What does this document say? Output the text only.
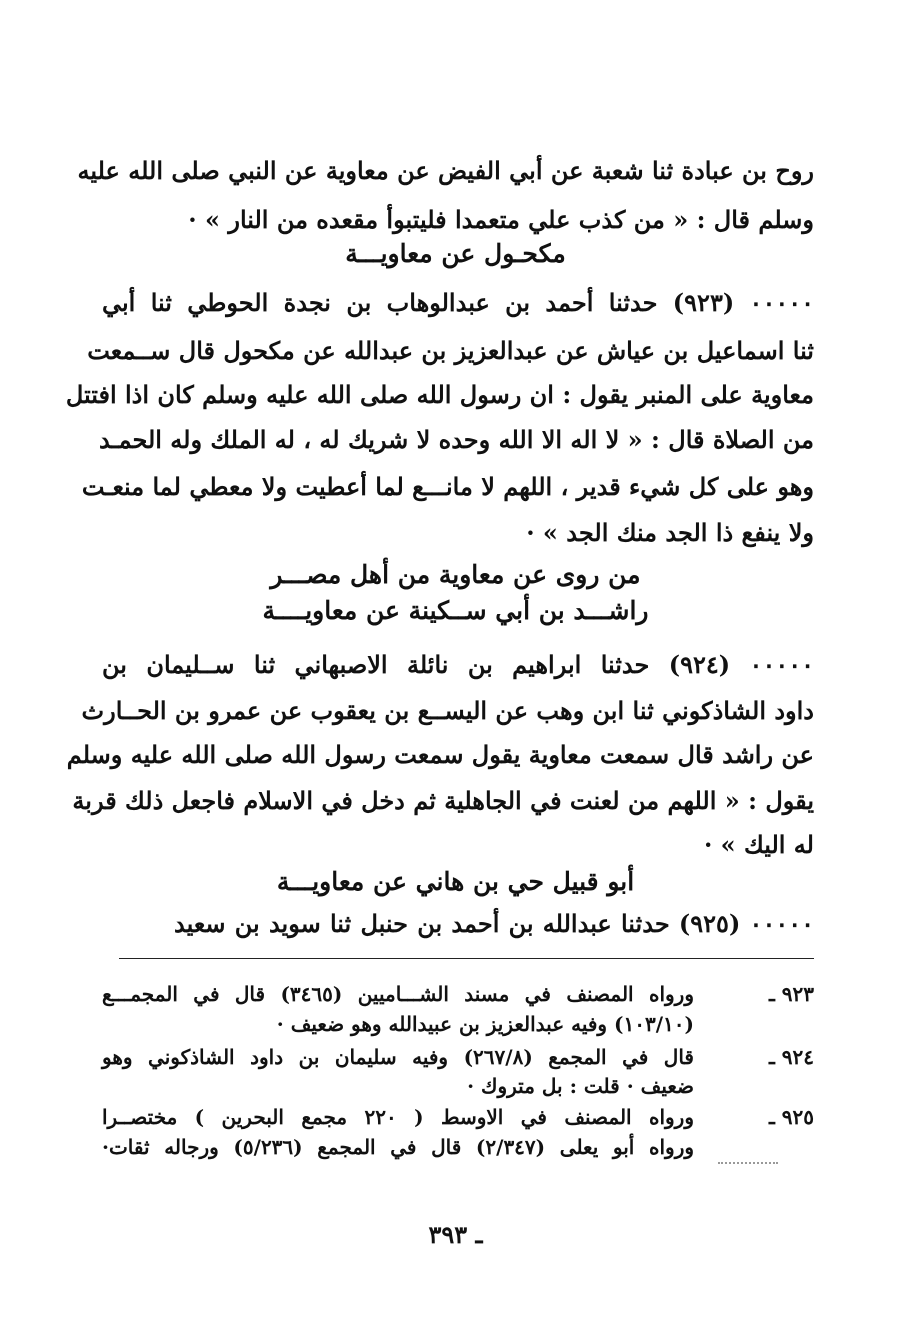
روح بن عبادة ثنا شعبة عن أبي الفيض عن معاوية عن النبي صلى الله عليه
وسلم قال : « من كذب علي متعمدا فليتبوأ مقعده من النار » ·
مكحـول عن معاويـــة
٠٠٠٠٠ (٩٢٣) حدثنا أحمد بن عبدالوهاب بن نجدة الحوطي ثنا أبي
ثنا اسماعيل بن عياش عن عبدالعزيز بن عبدالله عن مكحول قال ســمعت
معاوية على المنبر يقول : ان رسول الله صلى الله عليه وسلم كان اذا افتتل
من الصلاة قال : « لا اله الا الله وحده لا شريك له ، له الملك وله الحمـد
وهو على كل شيء قدير ، اللهم لا مانـــع لما أعطيت ولا معطي لما منعـت
ولا ينفع ذا الجد منك الجد » ·
من روى عن معاوية من أهل مصـــر
راشـــد بن أبي ســكينة عن معاويــــة
٠٠٠٠٠ (٩٢٤) حدثنا ابراهيم بن نائلة الاصبهاني ثنا ســليمان بن
داود الشاذكوني ثنا ابن وهب عن اليســع بن يعقوب عن عمرو بن الحــارث
عن راشد قال سمعت معاوية يقول سمعت رسول الله صلى الله عليه وسلم
يقول : « اللهم من لعنت في الجاهلية ثم دخل في الاسلام فاجعل ذلك قربة
له اليك » ·
أبو قبيل حي بن هاني عن معاويـــة
٠٠٠٠٠ (٩٢٥) حدثنا عبدالله بن أحمد بن حنبل ثنا سويد بن سعيد
٩٢٣ ـ
ورواه المصنف في مسند الشـــاميين (٣٤٦٥) قال في المجمـــع
(١٠٣/١٠) وفيه عبدالعزيز بن عبيدالله وهو ضعيف ·
٩٢٤ ـ
قال في المجمع (٢٦٧/٨) وفيه سليمان بن داود الشاذكوني وهو
ضعيف · قلت : بل متروك ·
٩٢٥ ـ
ورواه المصنف في الاوسط ( ٢٢٠ مجمع البحرين ) مختصــرا
ورواه أبو يعلى (٢/٣٤٧) قال في المجمع (٥/٢٣٦) ورجاله ثقات·
ـ ٣٩٣
